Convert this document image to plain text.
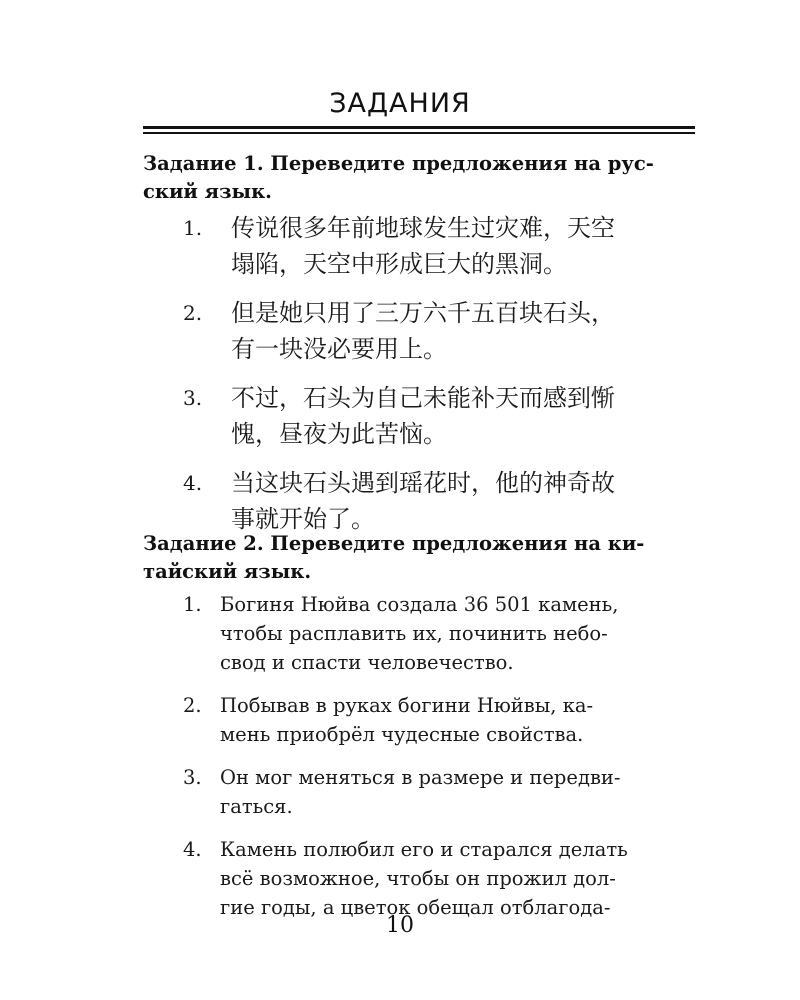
ЗАДАНИЯ
Задание 1. Переведите предложения на рус-
ский язык.
1. 传说很多年前地球发生过灾难，天空
塌陷，天空中形成巨大的黑洞。
2. 但是她只用了三万六千五百块石头，
有一块没必要用上。
3. 不过，石头为自己未能补天而感到惭
愧，昼夜为此苦恼。
4. 当这块石头遇到瑶花时，他的神奇故
事就开始了。
Задание 2. Переведите предложения на ки-
тайский язык.
1. Богиня Нюйва создала 36 501 камень,
чтобы расплавить их, починить небо-
свод и спасти человечество.
2. Побывав в руках богини Нюйвы, ка-
мень приобрёл чудесные свойства.
3. Он мог меняться в размере и передви-
гаться.
4. Камень полюбил его и старался делать
всё возможное, чтобы он прожил дол-
гие годы, а цветок обещал отблагода-
10
